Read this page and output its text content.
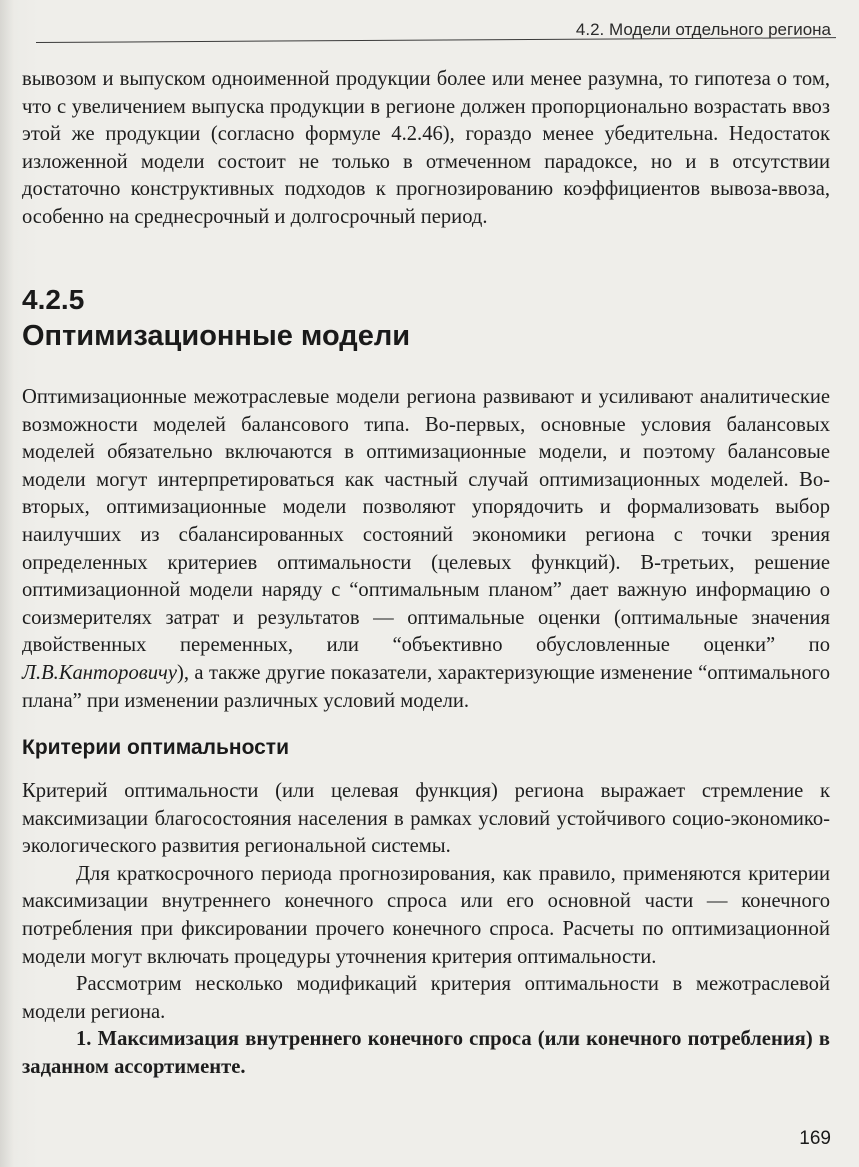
4.2. Модели отдельного региона

вывозом и выпуском одноименной продукции более или менее разумна, то гипотеза о том, что с увеличением выпуска продукции в регионе должен пропорционально возрастать ввоз этой же продукции (согласно формуле 4.2.46), гораздо менее убедительна. Недостаток изложенной модели состоит не только в отмеченном парадоксе, но и в отсутствии достаточно конструктивных подходов к прогнозированию коэффициентов вывоза-ввоза, особенно на среднесрочный и долгосрочный период.

4.2.5
Оптимизационные модели

Оптимизационные межотраслевые модели региона развивают и усиливают аналитические возможности моделей балансового типа. Во-первых, основные условия балансовых моделей обязательно включаются в оптимизационные модели, и поэтому балансовые модели могут интерпретироваться как частный случай оптимизационных моделей. Во-вторых, оптимизационные модели позволяют упорядочить и формализовать выбор наилучших из сбалансированных состояний экономики региона с точки зрения определенных критериев оптимальности (целевых функций). В-третьих, решение оптимизационной модели наряду с “оптимальным планом” дает важную информацию о соизмерителях затрат и результатов — оптимальные оценки (оптимальные значения двойственных переменных, или “объективно обусловленные оценки” по Л.В.Канторовичу), а также другие показатели, характеризующие изменение “оптимального плана” при изменении различных условий модели.

Критерии оптимальности

Критерий оптимальности (или целевая функция) региона выражает стремление к максимизации благосостояния населения в рамках условий устойчивого социо-экономико-экологического развития региональной системы.

Для краткосрочного периода прогнозирования, как правило, применяются критерии максимизации внутреннего конечного спроса или его основной части — конечного потребления при фиксировании прочего конечного спроса. Расчеты по оптимизационной модели могут включать процедуры уточнения критерия оптимальности.

Рассмотрим несколько модификаций критерия оптимальности в межотраслевой модели региона.

1. Максимизация внутреннего конечного спроса (или конечного потребления) в заданном ассортименте.

169
